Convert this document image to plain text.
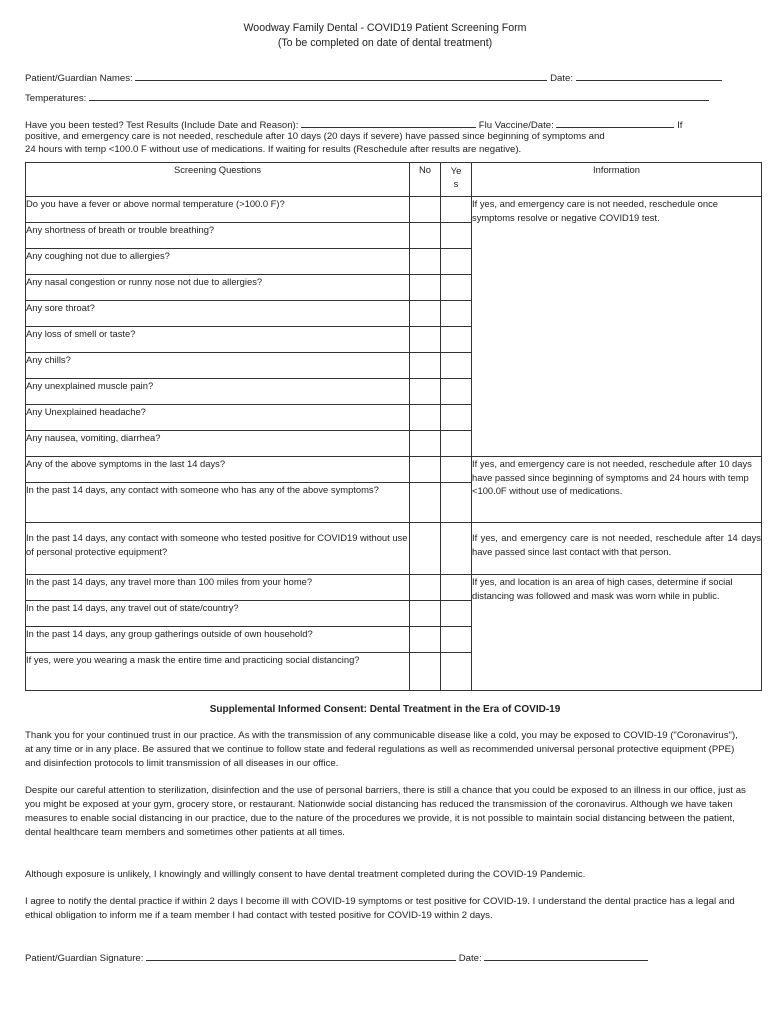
Woodway Family Dental - COVID19 Patient Screening Form
(To be completed on date of dental treatment)
Patient/Guardian Names:	Date:
Temperatures:
Have you been tested? Test Results (Include Date and Reason):	Flu Vaccine/Date:	If
positive, and emergency care is not needed, reschedule after 10 days (20 days if severe) have passed since beginning of symptoms and
24 hours with temp <100.0 F without use of medications. If waiting for results (Reschedule after results are negative).
Screening Questions	No	Ye s	Information
Do you have a fever or above normal temperature (>100.0 F)?			If yes, and emergency care is not needed, reschedule once symptoms resolve or negative COVID19 test.
Any shortness of breath or trouble breathing?			
Any coughing not due to allergies?			
Any nasal congestion or runny nose not due to allergies?			
Any sore throat?			
Any loss of smell or taste?			
Any chills?			
Any unexplained muscle pain?			
Any Unexplained headache?			
Any nausea, vomiting, diarrhea?			
Any of the above symptoms in the last 14 days?			If yes, and emergency care is not needed, reschedule after 10 days have passed since beginning of symptoms and 24 hours with temp <100.0F without use of medications.
In the past 14 days, any contact with someone who has any of the above symptoms?			
In the past 14 days, any contact with someone who tested positive for COVID19 without use of personal protective equipment?			If yes, and emergency care is not needed, reschedule after 14 days have passed since last contact with that person.
In the past 14 days, any travel more than 100 miles from your home?			If yes, and location is an area of high cases, determine if social distancing was followed and mask was worn while in public.
In the past 14 days, any travel out of state/country?			
In the past 14 days, any group gatherings outside of own household?			
If yes, were you wearing a mask the entire time and practicing social distancing?			
Supplemental Informed Consent: Dental Treatment in the Era of COVID-19
Thank you for your continued trust in our practice. As with the transmission of any communicable disease like a cold, you may be exposed to COVID-19 ("Coronavirus"), at any time or in any place. Be assured that we continue to follow state and federal regulations as well as recommended universal personal protective equipment (PPE) and disinfection protocols to limit transmission of all diseases in our office.
Despite our careful attention to sterilization, disinfection and the use of personal barriers, there is still a chance that you could be exposed to an illness in our office, just as you might be exposed at your gym, grocery store, or restaurant. Nationwide social distancing has reduced the transmission of the coronavirus. Although we have taken measures to enable social distancing in our practice, due to the nature of the procedures we provide, it is not possible to maintain social distancing between the patient, dental healthcare team members and sometimes other patients at all times.
Although exposure is unlikely, I knowingly and willingly consent to have dental treatment completed during the COVID-19 Pandemic.
I agree to notify the dental practice if within 2 days I become ill with COVID-19 symptoms or test positive for COVID-19. I understand the dental practice has a legal and ethical obligation to inform me if a team member I had contact with tested positive for COVID-19 within 2 days.
Patient/Guardian Signature:	Date:
